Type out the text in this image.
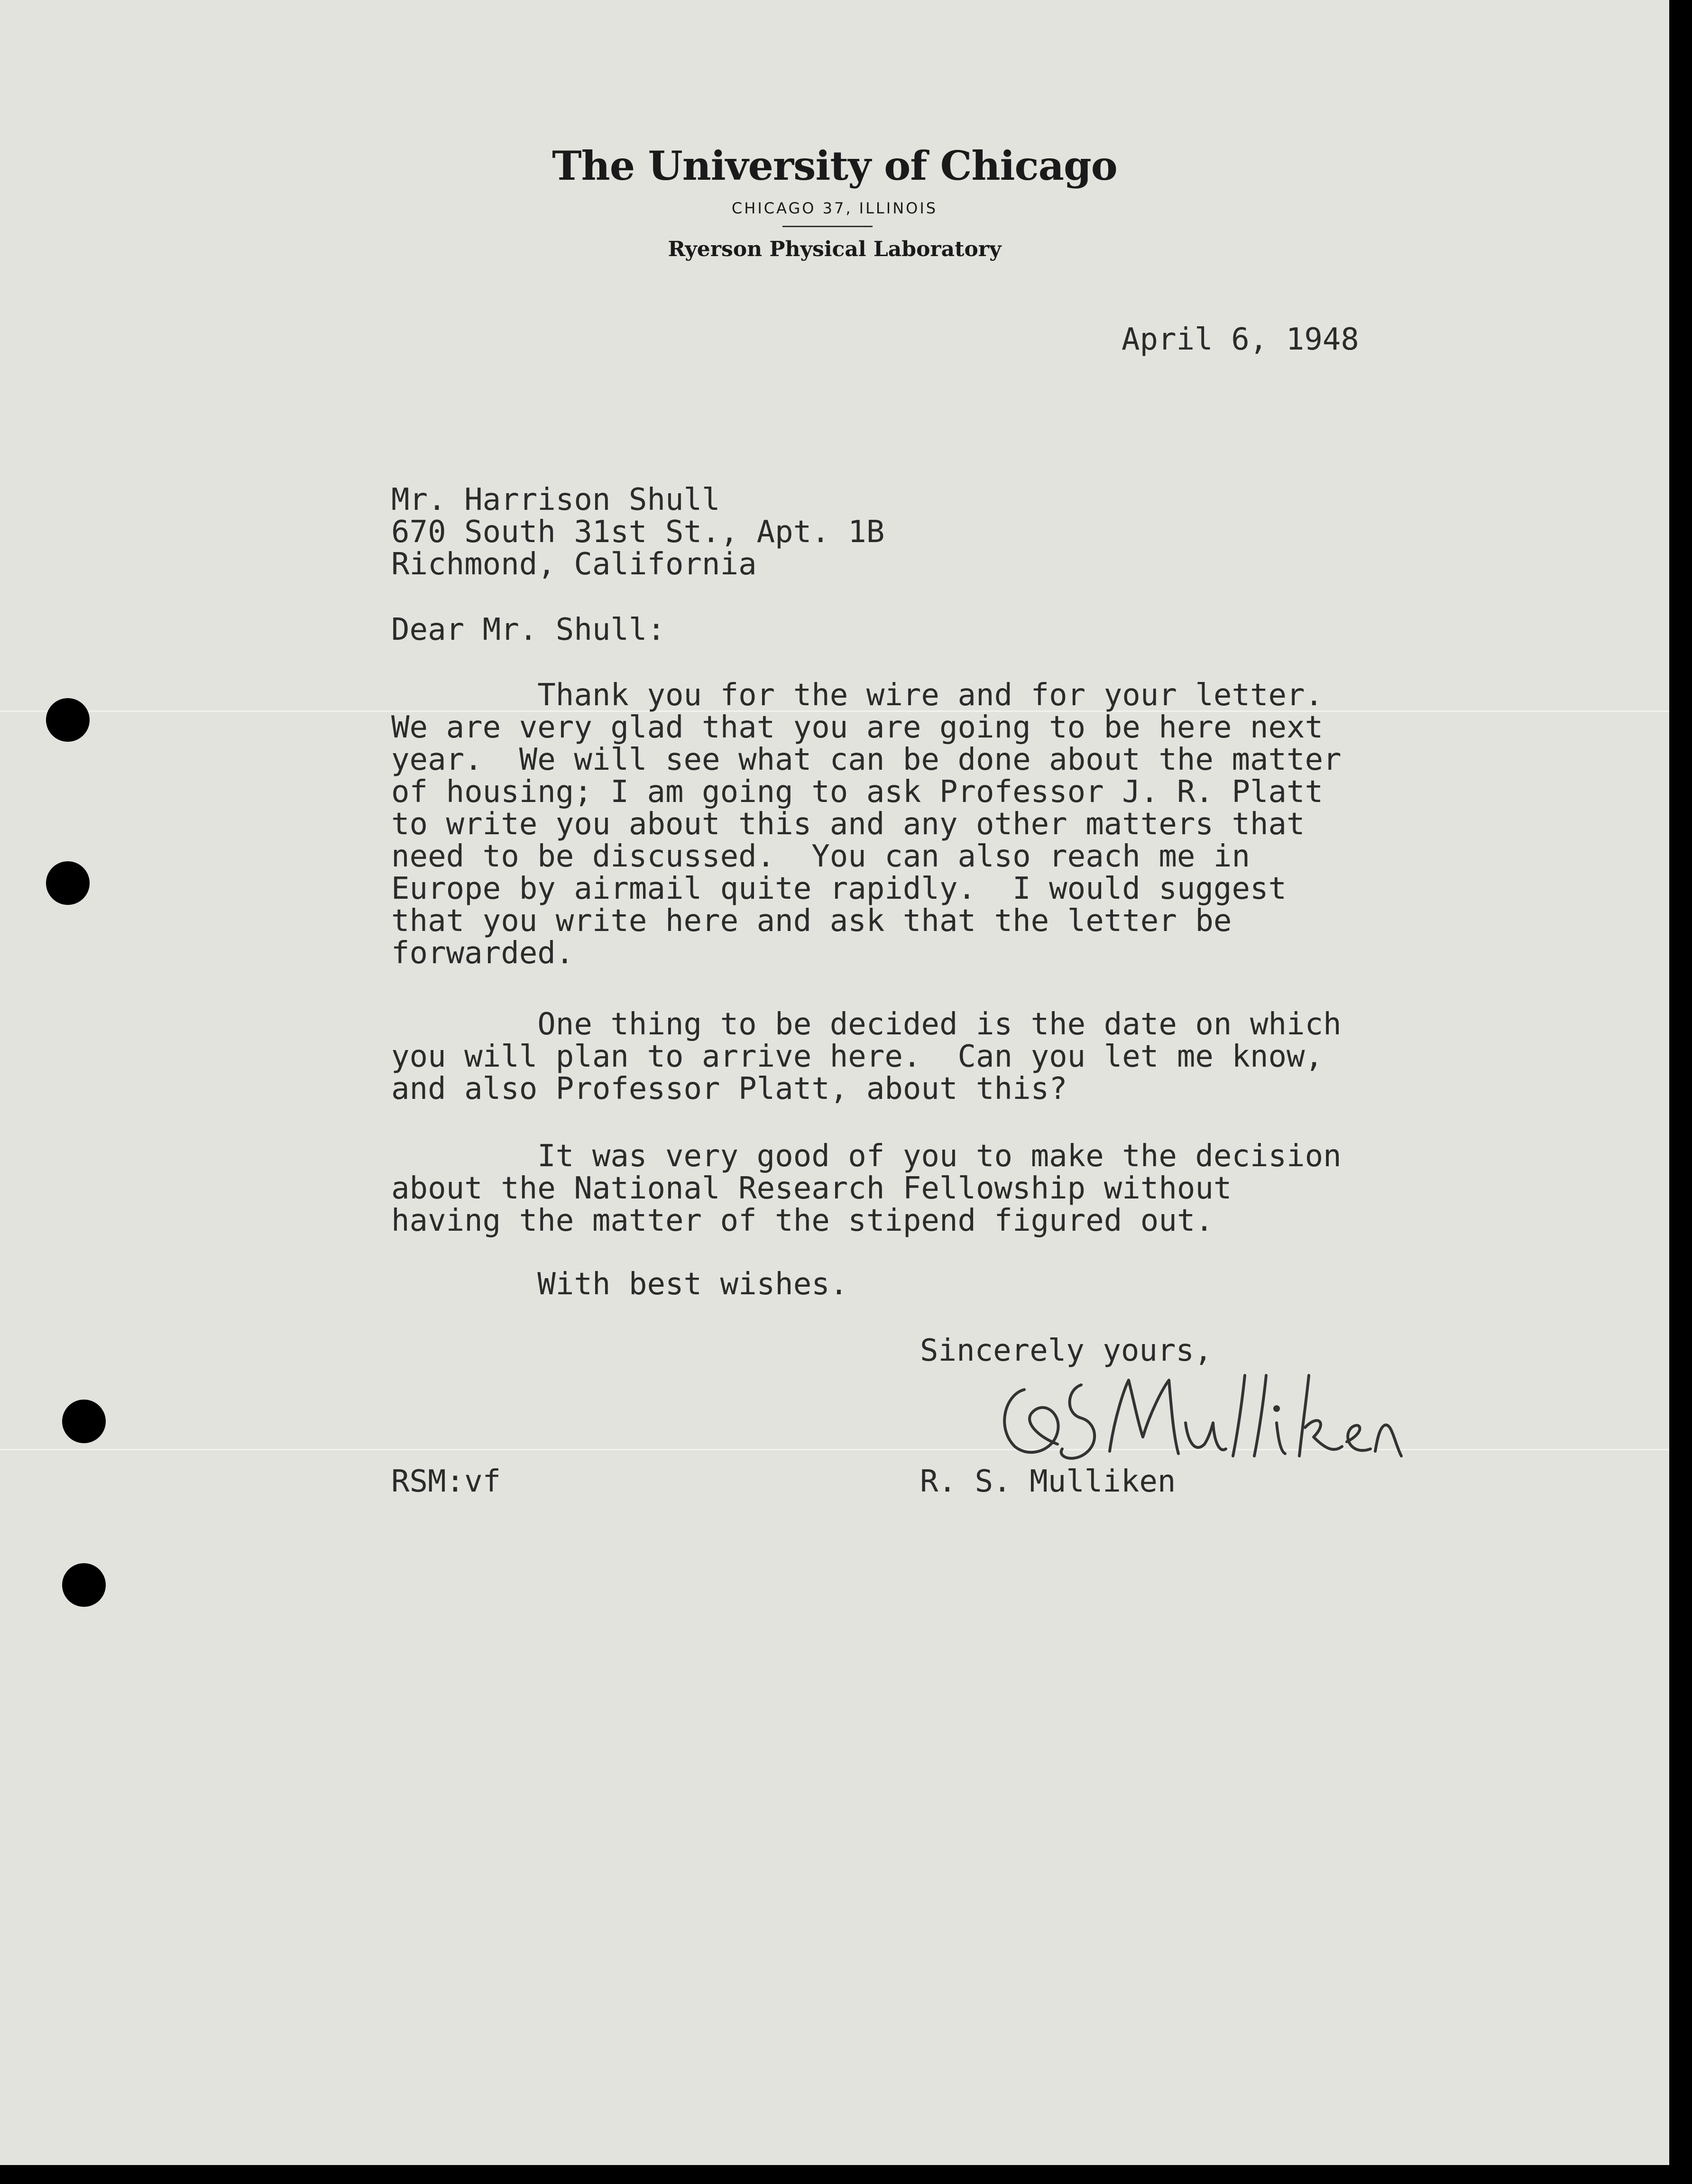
The University of Chicago
CHICAGO 37, ILLINOIS
Ryerson Physical Laboratory
April 6, 1948
Mr. Harrison Shull
670 South 31st St., Apt. 1B
Richmond, California
Dear Mr. Shull:
Thank you for the wire and for your letter.
We are very glad that you are going to be here next
year.  We will see what can be done about the matter
of housing; I am going to ask Professor J. R. Platt
to write you about this and any other matters that
need to be discussed.  You can also reach me in
Europe by airmail quite rapidly.  I would suggest
that you write here and ask that the letter be
forwarded.
One thing to be decided is the date on which
you will plan to arrive here.  Can you let me know,
and also Professor Platt, about this?
It was very good of you to make the decision
about the National Research Fellowship without
having the matter of the stipend figured out.
With best wishes.
Sincerely yours,
RSM:vf	R. S. Mulliken
